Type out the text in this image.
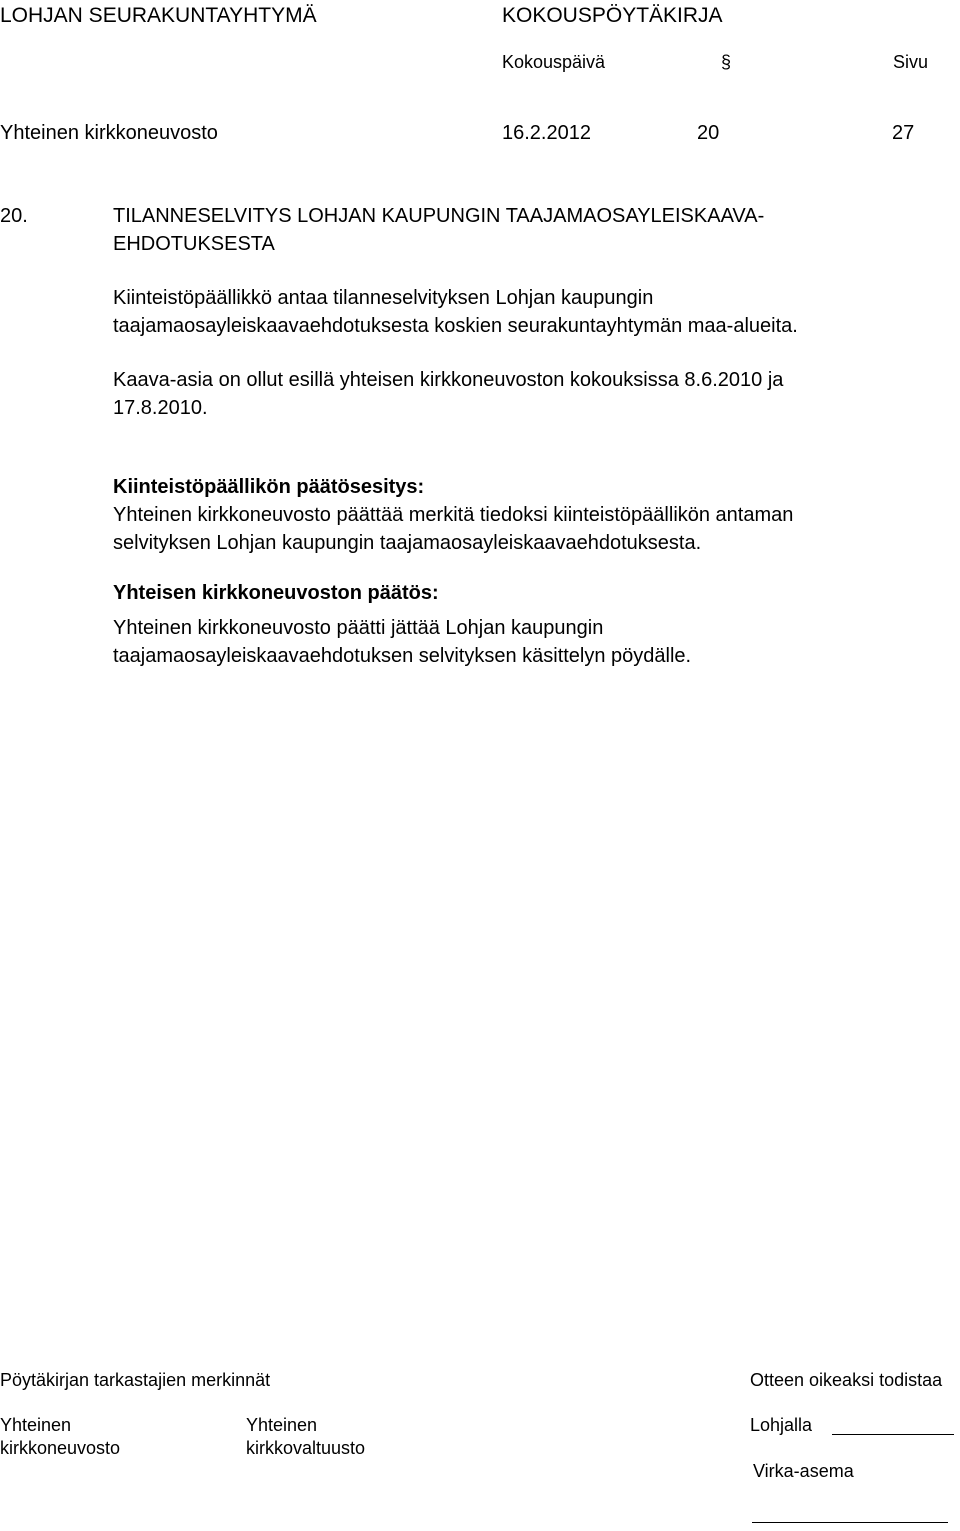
LOHJAN SEURAKUNTAYHTYMÄ	KOKOUSPÖYTÄKIRJA
Kokouspäivä	§	Sivu
Yhteinen kirkkoneuvosto	16.2.2012	20	27
20.	TILANNESELVITYS LOHJAN KAUPUNGIN TAAJAMAOSAYLEISKAAVA-
EHDOTUKSESTA
Kiinteistöpäällikkö antaa tilanneselvityksen Lohjan kaupungin
taajamaosayleiskaavaehdotuksesta koskien seurakuntayhtymän maa-alueita.
Kaava-asia on ollut esillä yhteisen kirkkoneuvoston kokouksissa 8.6.2010 ja
17.8.2010.
Kiinteistöpäällikön päätösesitys:
Yhteinen kirkkoneuvosto päättää merkitä tiedoksi kiinteistöpäällikön antaman
selvityksen Lohjan kaupungin taajamaosayleiskaavaehdotuksesta.
Yhteisen kirkkoneuvoston päätös:
Yhteinen kirkkoneuvosto päätti jättää Lohjan kaupungin
taajamaosayleiskaavaehdotuksen selvityksen käsittelyn pöydälle.
Pöytäkirjan tarkastajien merkinnät	Otteen oikeaksi todistaa
Yhteinen
kirkkoneuvosto
Yhteinen
kirkkovaltuusto
Lohjalla
Virka-asema
